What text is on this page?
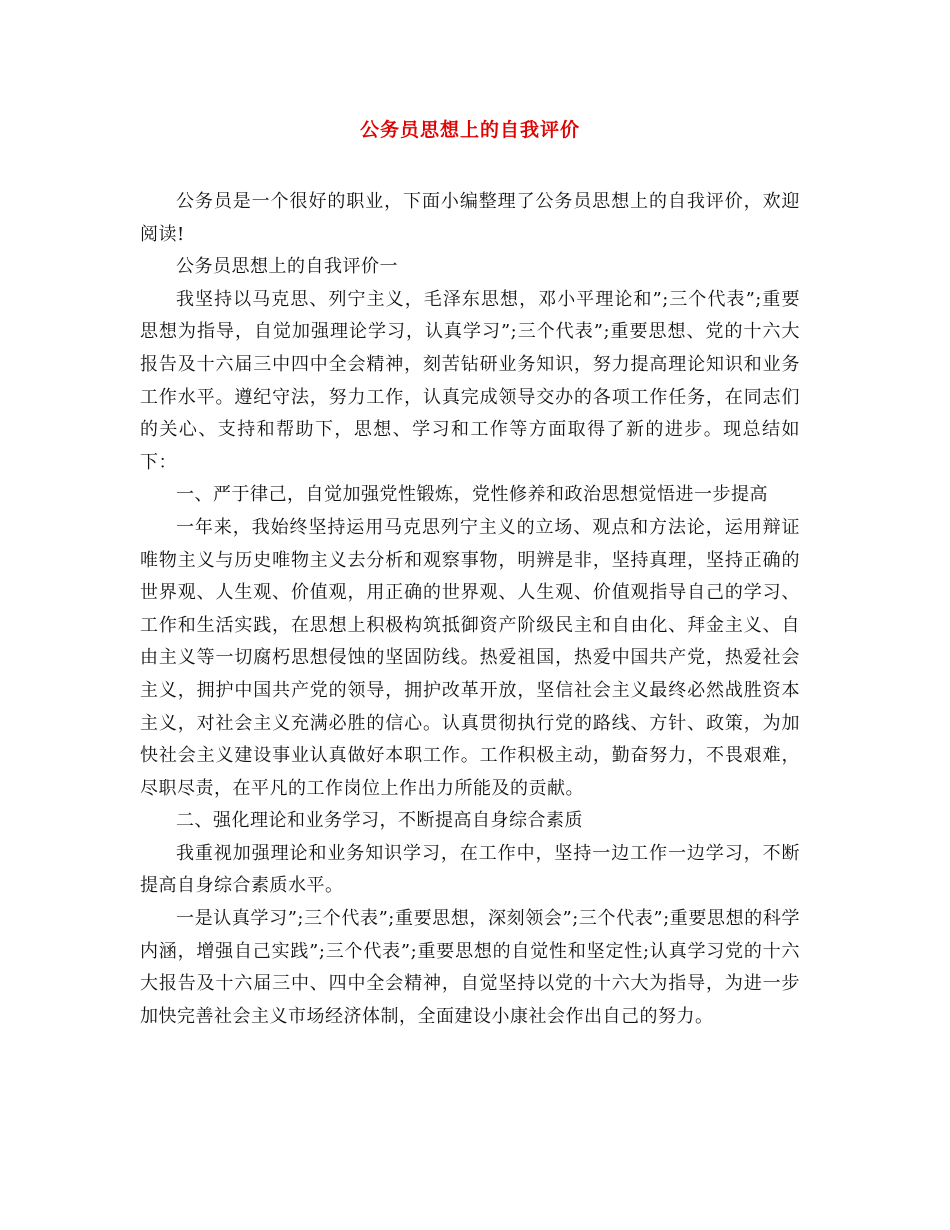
公务员思想上的自我评价

公务员是一个很好的职业，下面小编整理了公务员思想上的自我评价，欢迎阅读!

公务员思想上的自我评价一

我坚持以马克思、列宁主义，毛泽东思想，邓小平理论和”;三个代表”;重要思想为指导，自觉加强理论学习，认真学习”;三个代表”;重要思想、党的十六大报告及十六届三中四中全会精神，刻苦钻研业务知识，努力提高理论知识和业务工作水平。遵纪守法，努力工作，认真完成领导交办的各项工作任务，在同志们的关心、支持和帮助下，思想、学习和工作等方面取得了新的进步。现总结如下：

一、严于律己，自觉加强党性锻炼，党性修养和政治思想觉悟进一步提高

一年来，我始终坚持运用马克思列宁主义的立场、观点和方法论，运用辩证唯物主义与历史唯物主义去分析和观察事物，明辨是非，坚持真理，坚持正确的世界观、人生观、价值观，用正确的世界观、人生观、价值观指导自己的学习、工作和生活实践，在思想上积极构筑抵御资产阶级民主和自由化、拜金主义、自由主义等一切腐朽思想侵蚀的坚固防线。热爱祖国，热爱中国共产党，热爱社会主义，拥护中国共产党的领导，拥护改革开放，坚信社会主义最终必然战胜资本主义，对社会主义充满必胜的信心。认真贯彻执行党的路线、方针、政策，为加快社会主义建设事业认真做好本职工作。工作积极主动，勤奋努力，不畏艰难，尽职尽责，在平凡的工作岗位上作出力所能及的贡献。

二、强化理论和业务学习，不断提高自身综合素质

我重视加强理论和业务知识学习，在工作中，坚持一边工作一边学习，不断提高自身综合素质水平。

一是认真学习”;三个代表”;重要思想，深刻领会”;三个代表”;重要思想的科学内涵，增强自己实践”;三个代表”;重要思想的自觉性和坚定性;认真学习党的十六大报告及十六届三中、四中全会精神，自觉坚持以党的十六大为指导，为进一步加快完善社会主义市场经济体制，全面建设小康社会作出自己的努力。
